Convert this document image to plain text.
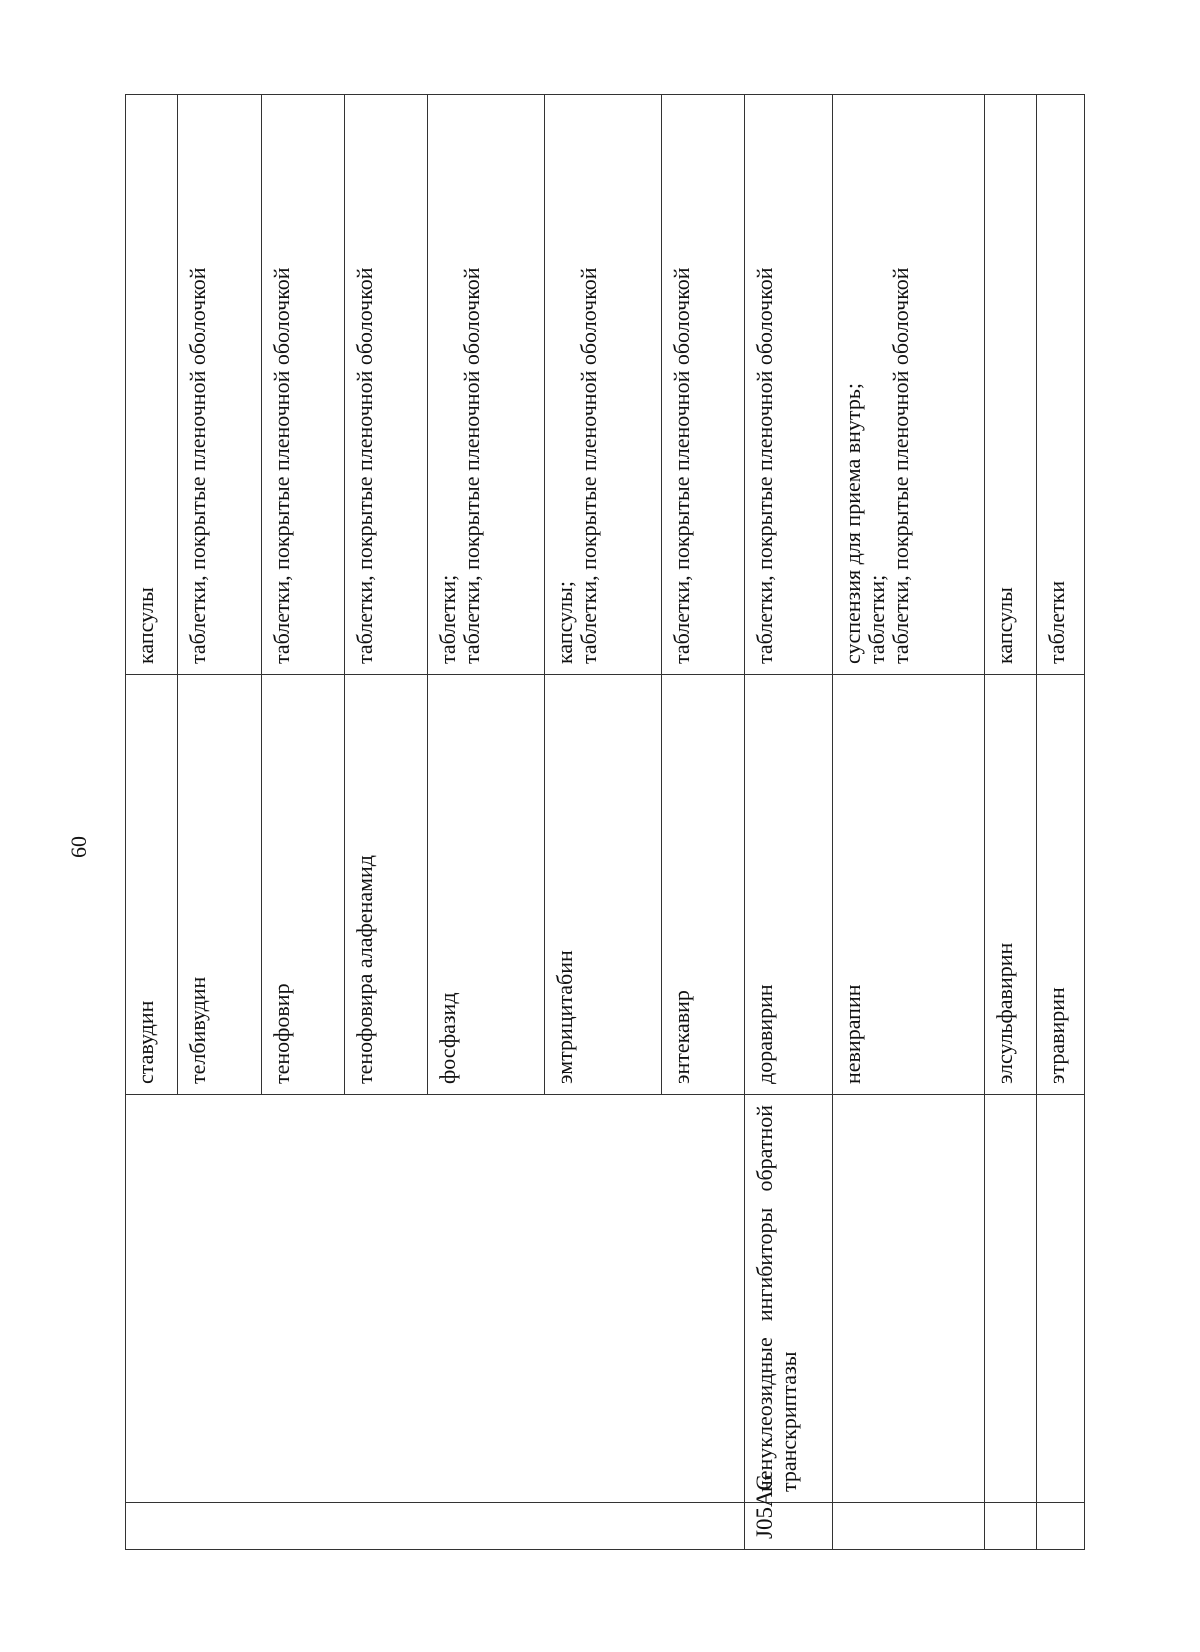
60
		ставудин	капсулы

		телбивудин	таблетки, покрытые пленочной оболочкой

		тенофовир	таблетки, покрытые пленочной оболочкой

		тенофовира алафенамид	таблетки, покрытые пленочной оболочкой

		фосфазид	таблетки; таблетки, покрытые пленочной оболочкой

		эмтрицитабин	капсулы; таблетки, покрытые пленочной оболочкой

		энтекавир	таблетки, покрытые пленочной оболочкой

J05AG	ненуклеозидные ингибиторы обратной транскриптазы	доравирин	таблетки, покрытые пленочной оболочкой

		невирапин	суспензия для приема внутрь; таблетки; таблетки, покрытые пленочной оболочкой

		элсульфавирин	капсулы

		этравирин	таблетки
